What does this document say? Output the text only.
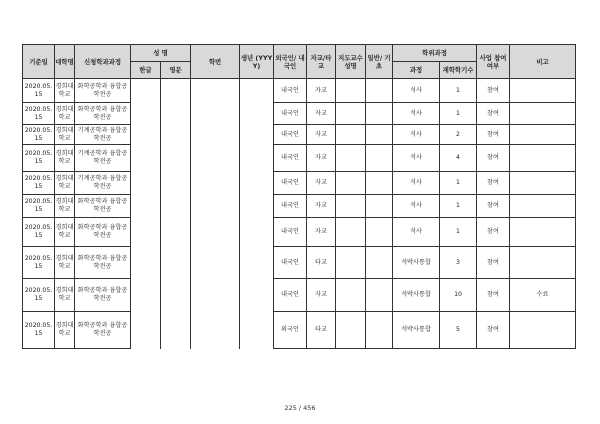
기준일	대학명	신청학과과정	성 명		학번	생년 (YYYY)	외국인/ 내국인	자교/타 교	지도교수 성명	일반/ 기초	학위과정		사업 참여 여부	비고
			한글	영문							과정	재학학기수		
2020.05.15	경희대학교	화학공학과 융합공학전공					내국인	자교			석사	1	참여	
2020.05.15	경희대학교	화학공학과 융합공학전공					내국인	자교			석사	1	참여	
2020.05.15	경희대학교	기계공학과 융합공학전공					내국인	자교			석사	2	참여	
2020.05.15	경희대학교	기계공학과 융합공학전공					내국인	자교			석사	4	참여	
2020.05.15	경희대학교	기계공학과 융합공학전공					내국인	자교			석사	1	참여	
2020.05.15	경희대학교	화학공학과 융합공학전공					내국인	자교			석사	1	참여	
2020.05.15	경희대학교	화학공학과 융합공학전공					내국인	자교			석사	1	참여	
2020.05.15	경희대학교	화학공학과 융합공학전공					내국인	타교			석박사통합	3	참여	
2020.05.15	경희대학교	화학공학과 융합공학전공					내국인	자교			석박사통합	10	참여	수료
2020.05.15	경희대학교	화학공학과 융합공학전공					외국인	타교			석박사통합	5	참여	
225 / 456
